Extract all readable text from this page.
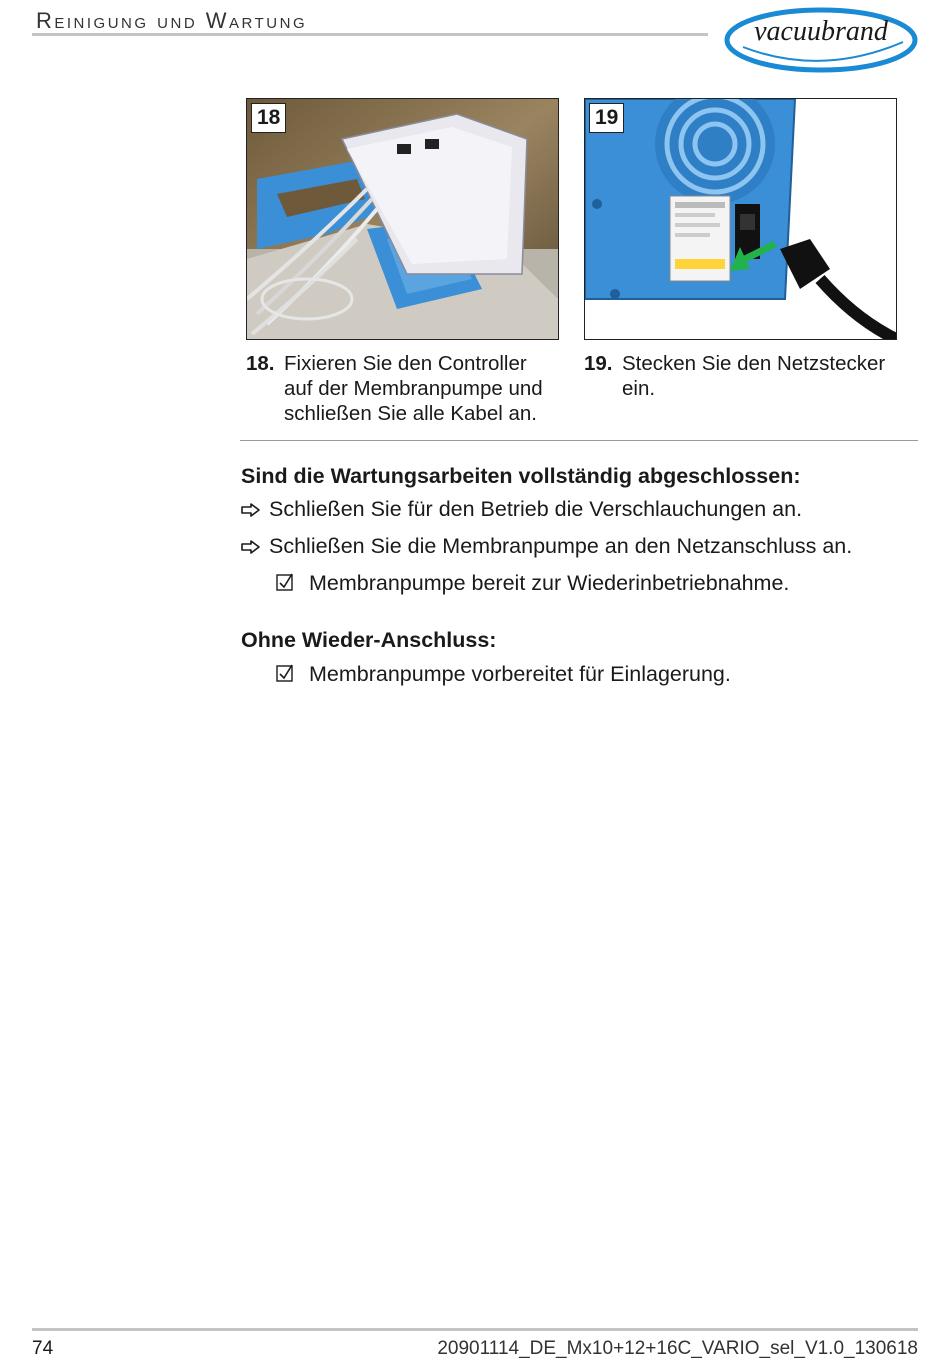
Reinigung und Wartung	vacuubrand
18	19
18. Fixieren Sie den Controller
auf der Membranpumpe und
schließen Sie alle Kabel an.
19. Stecken Sie den Netzstecker
ein.
Sind die Wartungsarbeiten vollständig abgeschlossen:
Schließen Sie für den Betrieb die Verschlauchungen an.
Schließen Sie die Membranpumpe an den Netzanschluss an.
Membranpumpe bereit zur Wiederinbetriebnahme.
Ohne Wieder-Anschluss:
Membranpumpe vorbereitet für Einlagerung.
74	20901114_DE_Mx10+12+16C_VARIO_sel_V1.0_130618
